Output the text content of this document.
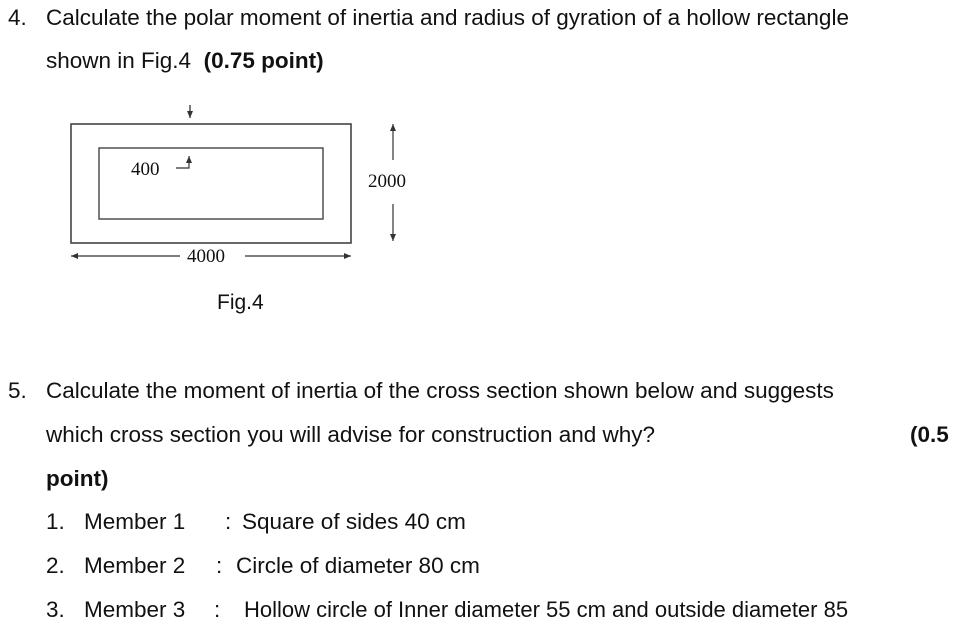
4. Calculate the polar moment of inertia and radius of gyration of a hollow rectangle
shown in Fig.4 (0.75 point)
400
2000
4000
Fig.4
5. Calculate the moment of inertia of the cross section shown below and suggests
which cross section you will advise for construction and why?	(0.5
point)
1. Member 1 : Square of sides 40 cm
2. Member 2 : Circle of diameter 80 cm
3. Member 3 : Hollow circle of Inner diameter 55 cm and outside diameter 85
